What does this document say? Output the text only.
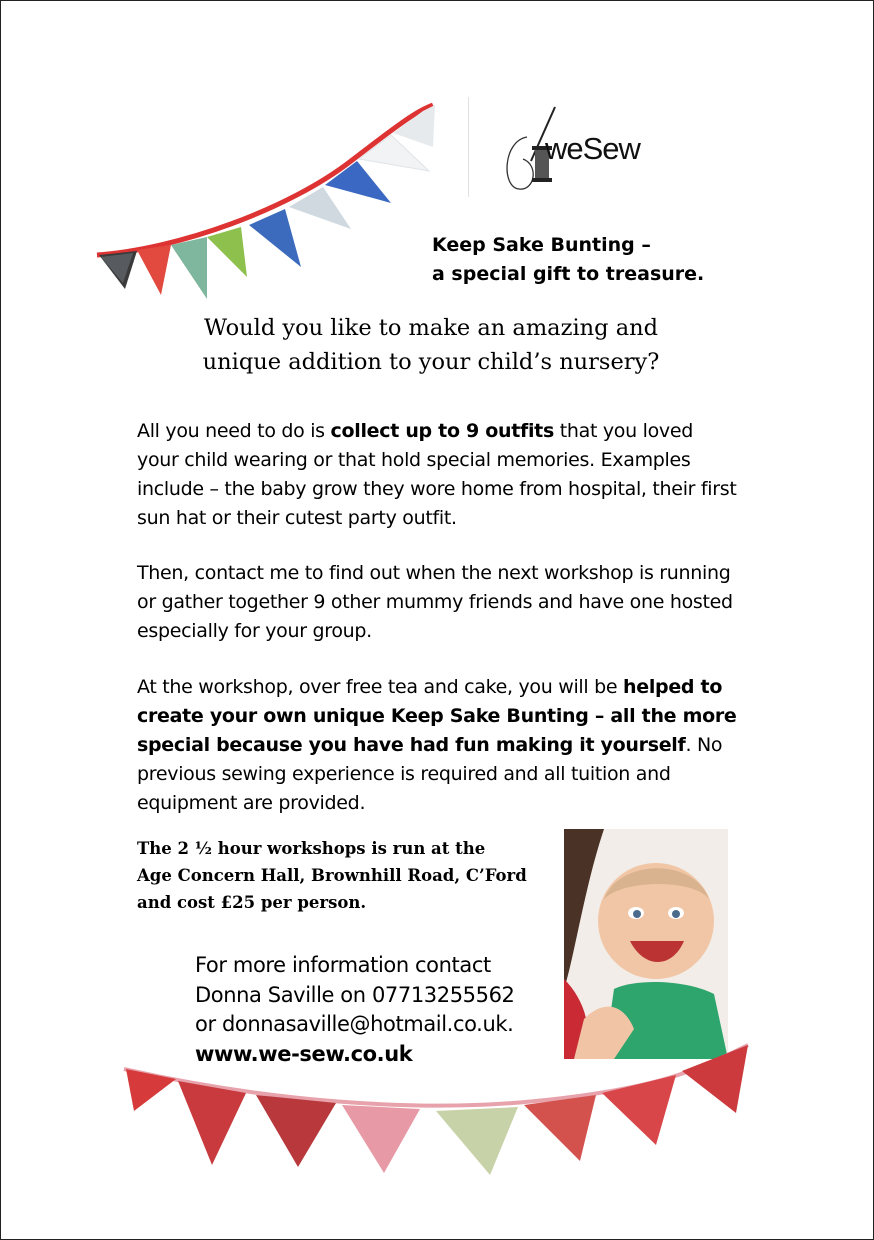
weSew
Keep Sake Bunting –
a special gift to treasure.
Would you like to make an amazing and
unique addition to your child’s nursery?
All you need to do is collect up to 9 outfits that you loved your child wearing or that hold special memories. Examples include – the baby grow they wore home from hospital, their first sun hat or their cutest party outfit.
Then, contact me to find out when the next workshop is running or gather together 9 other mummy friends and have one hosted especially for your group.
At the workshop, over free tea and cake, you will be helped to create your own unique Keep Sake Bunting – all the more special because you have had fun making it yourself. No previous sewing experience is required and all tuition and equipment are provided.
The 2 ½ hour workshops is run at the
Age Concern Hall, Brownhill Road, C’Ford
and cost £25 per person.
For more information contact
Donna Saville on 07713255562
or donnasaville@hotmail.co.uk.
www.we-sew.co.uk
